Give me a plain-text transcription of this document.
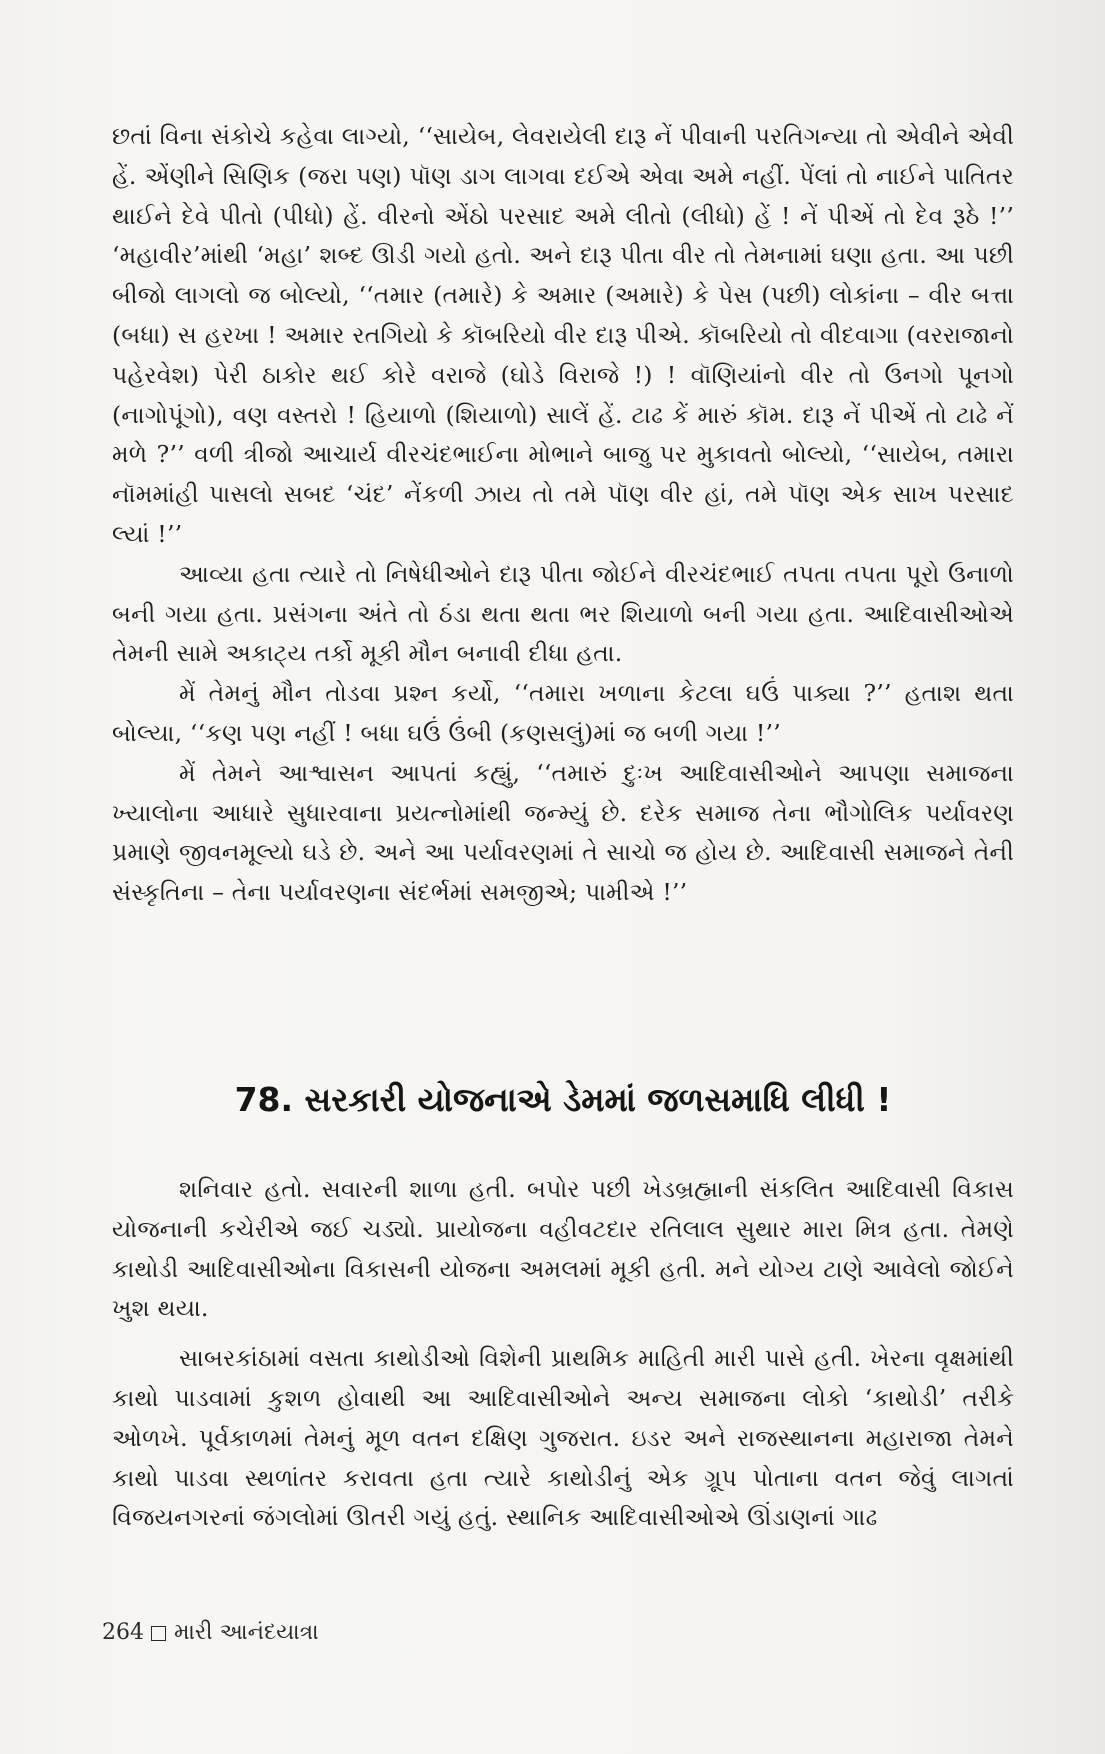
છતાં વિના સંકોચે કહેવા લાગ્યો, ‘‘સાયેબ, લેવરાયેલી દારૂ નેં પીવાની પરતિગન્યા તો એવીને એવી હેં. એંણીને સિણિક (જરા પણ) પૉણ ડાગ લાગવા દઈએ એવા અમે નહીં. પેંલાં તો નાઈને પાતિતર થાઈને દેવે પીતો (પીધો) હેં. વીરનો એંઠો પરસાદ અમે લીતો (લીધો) હેં ! નેં પીએં તો દેવ રૂઠે !’’ ‘મહાવીર’માંથી ‘મહા’ શબ્દ ઊડી ગયો હતો. અને દારૂ પીતા વીર તો તેમનામાં ઘણા હતા. આ પછી બીજો લાગલો જ બોલ્યો, ‘‘તમાર (તમારે) કે અમાર (અમારે) કે પેસ (પછી) લોકાંના – વીર બત્તા (બધા) સ હરખા ! અમાર રતગિયો કે કૉબરિયો વીર દારૂ પીએ. કૉબરિયો તો વીદવાગા (વરરાજાનો પહેરવેશ) પેરી ઠાકોર થઈ કોરે વરાજે (ઘોડે વિરાજે !) ! વૉણિયાંનો વીર તો ઉનગો પૂનગો (નાગોપૂંગો), વણ વસ્તરો ! હિયાળો (શિયાળો) સાલેં હેં. ટાઢ કેં મારું કૉમ. દારૂ નેં પીએં તો ટાઢે નેં મળે ?’’ વળી ત્રીજો આચાર્ય વીરચંદભાઈના મોભાને બાજુ પર મુકાવતો બોલ્યો, ‘‘સાયેબ, તમારા નૉમમાંહી પાસલો સબદ ‘ચંદ’ નેંકળી ઝાય તો તમે પૉણ વીર હાં, તમે પૉણ એક સાખ પરસાદ લ્યાં !’’

આવ્યા હતા ત્યારે તો નિષેધીઓને દારૂ પીતા જોઈને વીરચંદભાઈ તપતા તપતા પૂરો ઉનાળો બની ગયા હતા. પ્રસંગના અંતે તો ઠંડા થતા થતા ભર શિયાળો બની ગયા હતા. આદિવાસીઓએ તેમની સામે અકાટ્ય તર્કો મૂકી મૌન બનાવી દીધા હતા.

મેં તેમનું મૌન તોડવા પ્રશ્ન કર્યો, ‘‘તમારા ખળાના કેટલા ઘઉં પાક્યા ?’’ હતાશ થતા બોલ્યા, ‘‘કણ પણ નહીં ! બધા ઘઉં ઉંબી (કણસલું)માં જ બળી ગયા !’’

મેં તેમને આશ્વાસન આપતાં કહ્યું, ‘‘તમારું દુઃખ આદિવાસીઓને આપણા સમાજના ખ્યાલોના આધારે સુધારવાના પ્રયત્નોમાંથી જન્મ્યું છે. દરેક સમાજ તેના ભૌગોલિક પર્યાવરણ પ્રમાણે જીવનમૂલ્યો ઘડે છે. અને આ પર્યાવરણમાં તે સાચો જ હોય છે. આદિવાસી સમાજને તેની સંસ્કૃતિના – તેના પર્યાવરણના સંદર્ભમાં સમજીએ; પામીએ !’’

78. સરકારી યોજનાએ ડેમમાં જળસમાધિ લીધી !

શનિવાર હતો. સવારની શાળા હતી. બપોર પછી ખેડબ્રહ્માની સંકલિત આદિવાસી વિકાસ યોજનાની કચેરીએ જઈ ચડ્યો. પ્રાયોજના વહીવટદાર રતિલાલ સુથાર મારા મિત્ર હતા. તેમણે કાથોડી આદિવાસીઓના વિકાસની યોજના અમલમાં મૂકી હતી. મને યોગ્ય ટાણે આવેલો જોઈને ખુશ થયા.

સાબરકાંઠામાં વસતા કાથોડીઓ વિશેની પ્રાથમિક માહિતી મારી પાસે હતી. ખેરના વૃક્ષમાંથી કાથો પાડવામાં કુશળ હોવાથી આ આદિવાસીઓને અન્ય સમાજના લોકો ‘કાથોડી’ તરીકે ઓળખે. પૂર્વકાળમાં તેમનું મૂળ વતન દક્ષિણ ગુજરાત. ઇડર અને રાજસ્થાનના મહારાજા તેમને કાથો પાડવા સ્થળાંતર કરાવતા હતા ત્યારે કાથોડીનું એક ગ્રૂપ પોતાના વતન જેવું લાગતાં વિજયનગરનાં જંગલોમાં ઊતરી ગયું હતું. સ્થાનિક આદિવાસીઓએ ઊંડાણનાં ગાઢ

264 મારી આનંદયાત્રા
